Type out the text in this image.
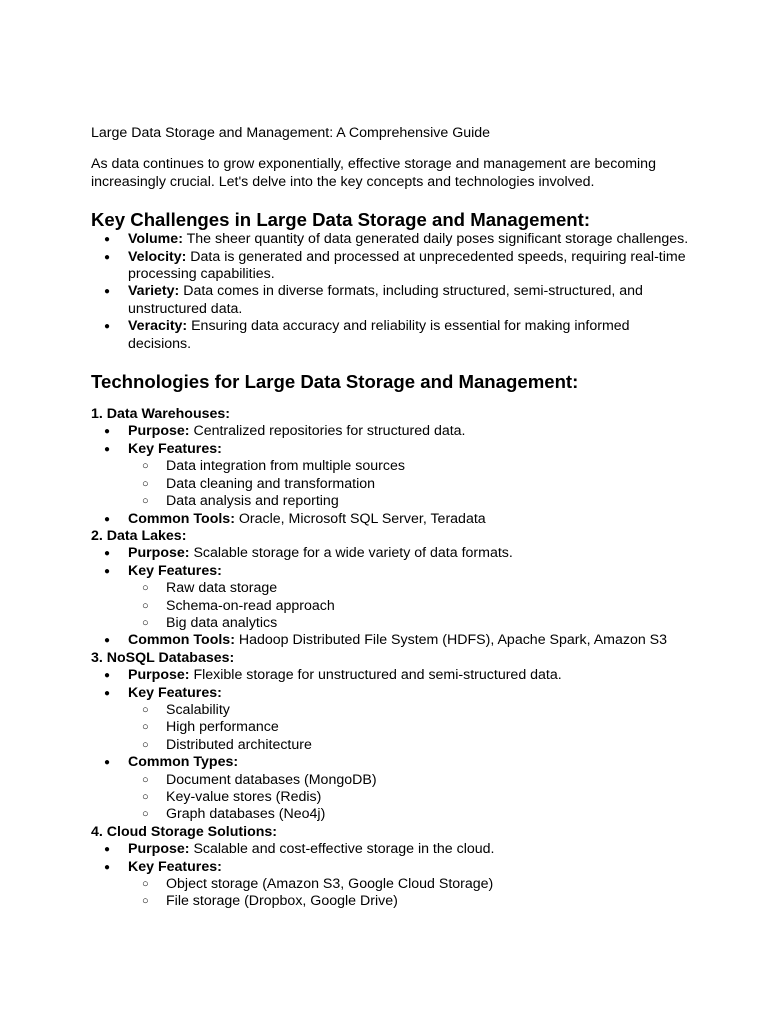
Large Data Storage and Management: A Comprehensive Guide

As data continues to grow exponentially, effective storage and management are becoming increasingly crucial. Let's delve into the key concepts and technologies involved.

Key Challenges in Large Data Storage and Management:
● Volume: The sheer quantity of data generated daily poses significant storage challenges.
● Velocity: Data is generated and processed at unprecedented speeds, requiring real-time processing capabilities.
● Variety: Data comes in diverse formats, including structured, semi-structured, and unstructured data.
● Veracity: Ensuring data accuracy and reliability is essential for making informed decisions.
Technologies for Large Data Storage and Management:
1. Data Warehouses:
● Purpose: Centralized repositories for structured data.
● Key Features:
○ Data integration from multiple sources
○ Data cleaning and transformation
○ Data analysis and reporting
● Common Tools: Oracle, Microsoft SQL Server, Teradata
2. Data Lakes:
● Purpose: Scalable storage for a wide variety of data formats.
● Key Features:
○ Raw data storage
○ Schema-on-read approach
○ Big data analytics
● Common Tools: Hadoop Distributed File System (HDFS), Apache Spark, Amazon S3
3. NoSQL Databases:
● Purpose: Flexible storage for unstructured and semi-structured data.
● Key Features:
○ Scalability
○ High performance
○ Distributed architecture
● Common Types:
○ Document databases (MongoDB)
○ Key-value stores (Redis)
○ Graph databases (Neo4j)
4. Cloud Storage Solutions:
● Purpose: Scalable and cost-effective storage in the cloud.
● Key Features:
○ Object storage (Amazon S3, Google Cloud Storage)
○ File storage (Dropbox, Google Drive)
